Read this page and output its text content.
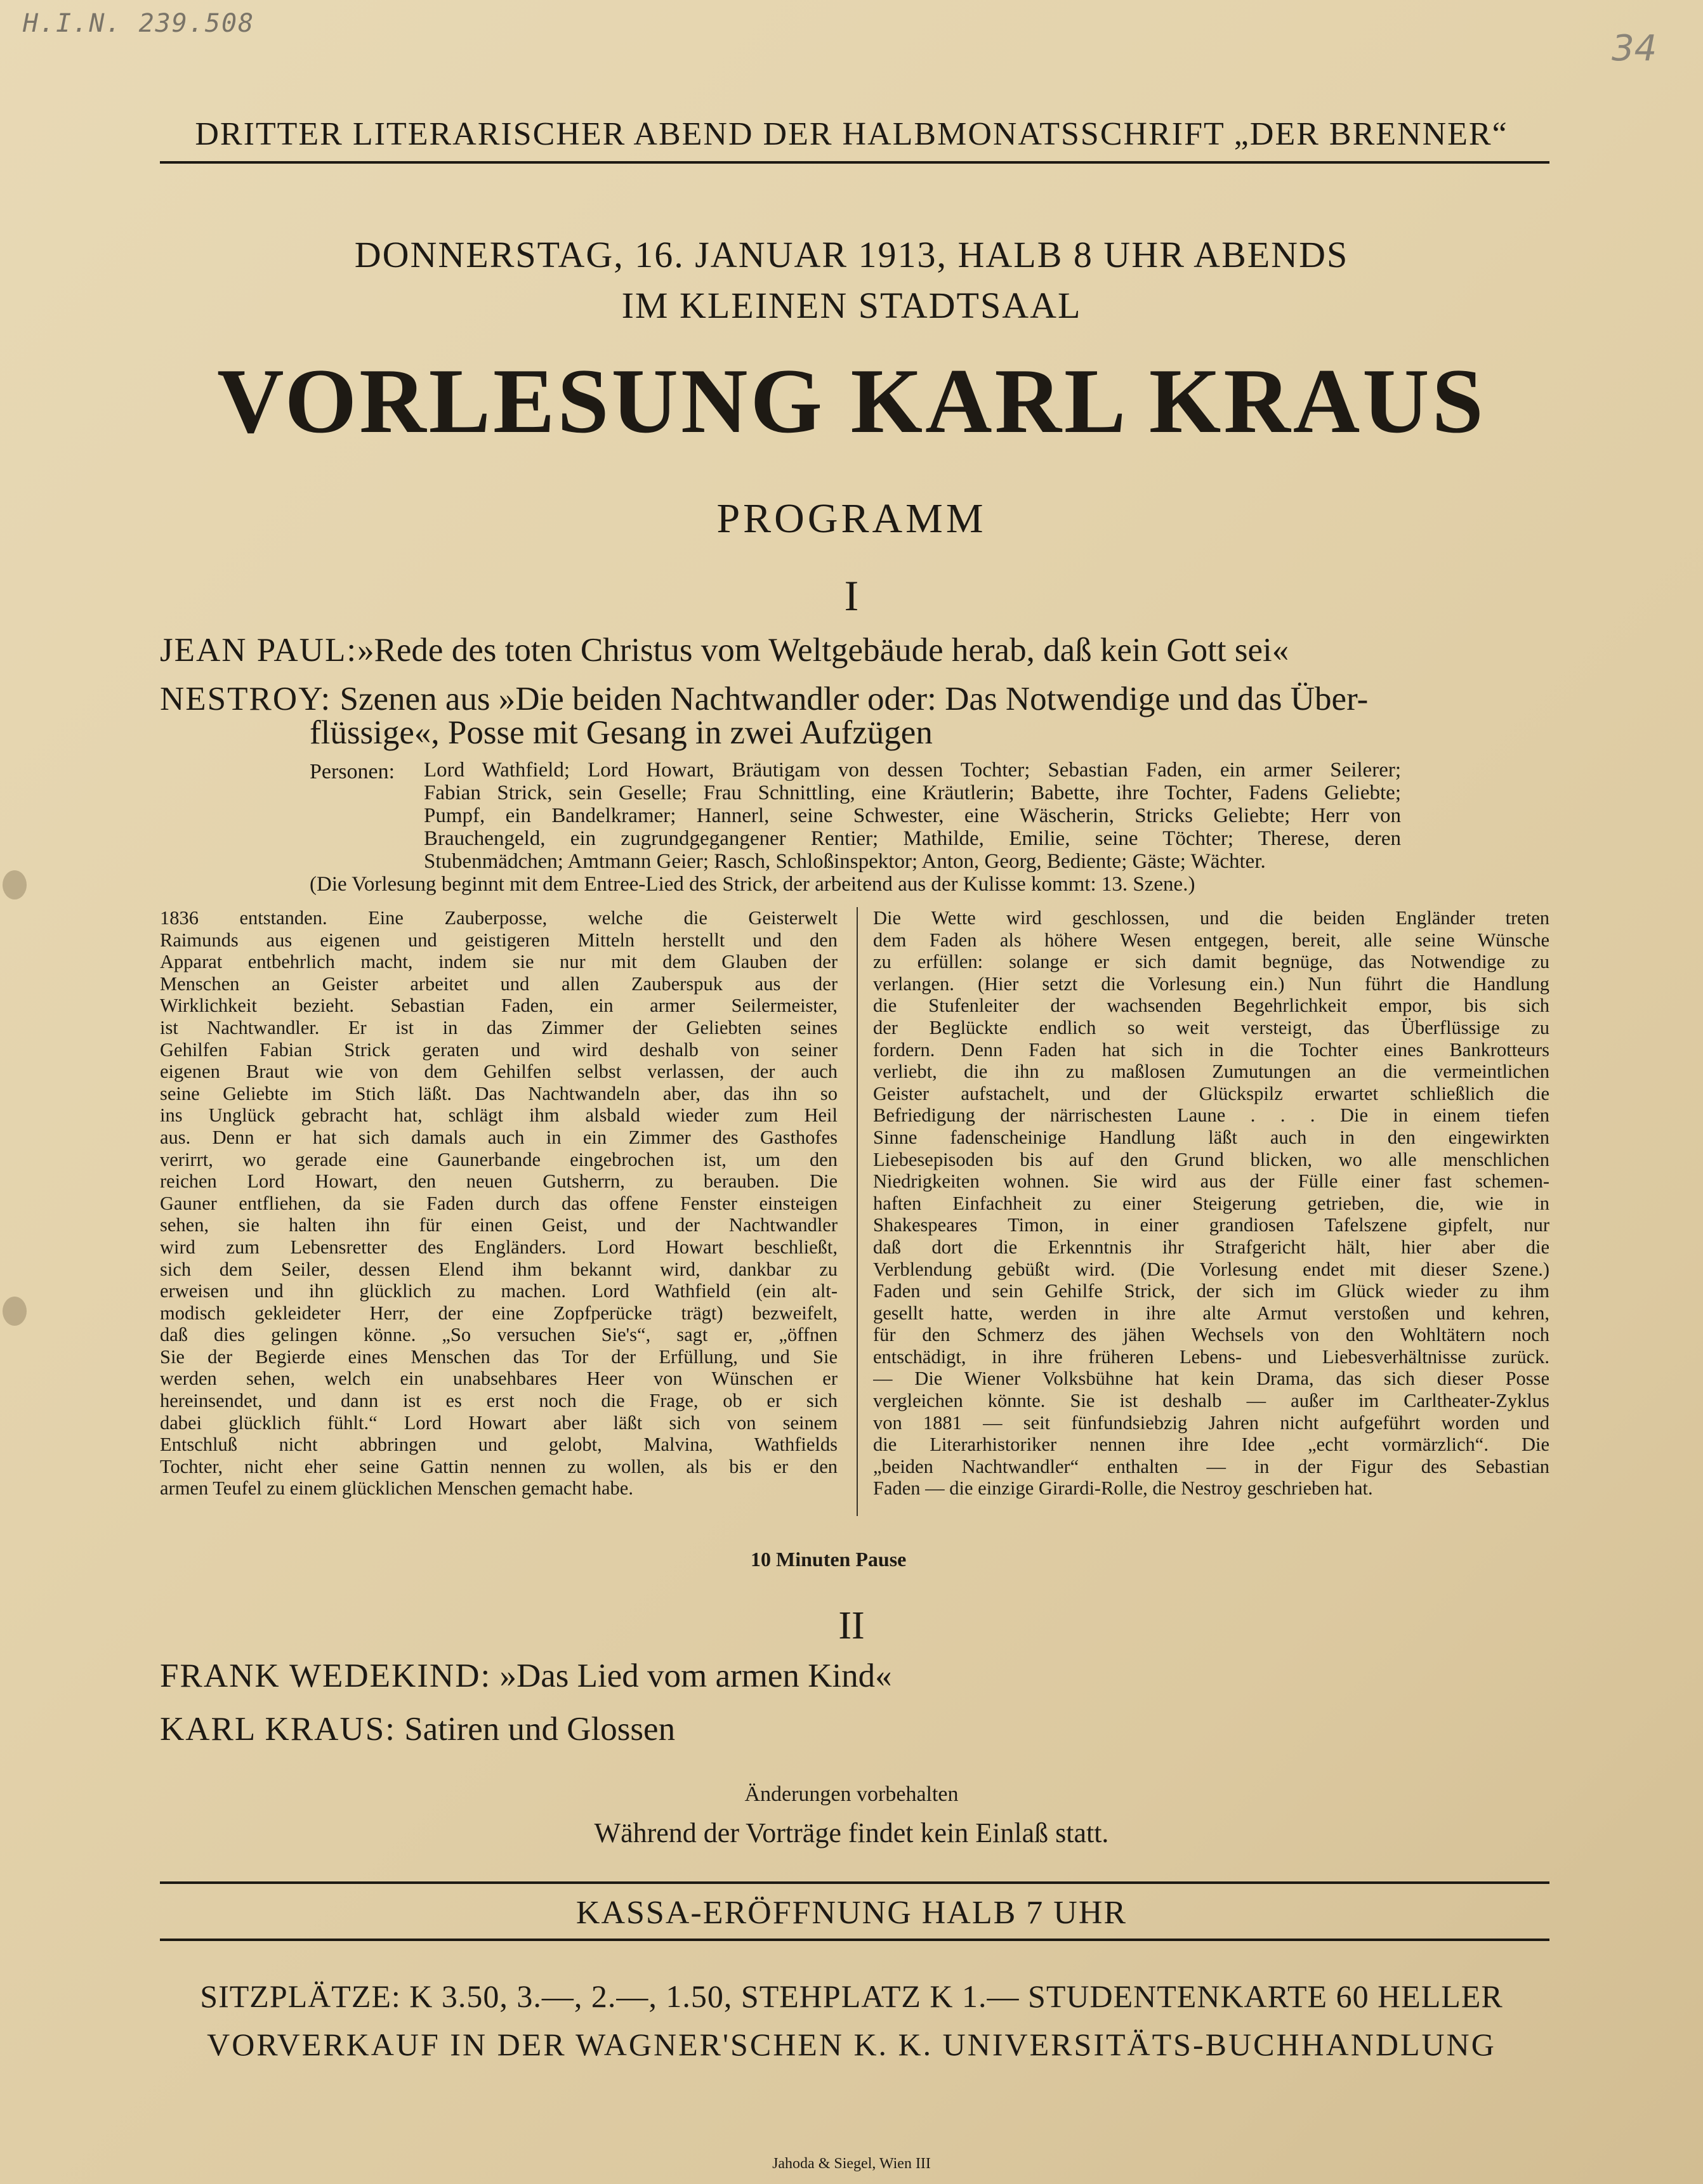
H.I.N. 239.508
34
DRITTER LITERARISCHER ABEND DER HALBMONATSSCHRIFT „DER BRENNER“
DONNERSTAG, 16. JANUAR 1913, HALB 8 UHR ABENDS
IM KLEINEN STADTSAAL
VORLESUNG KARL KRAUS
PROGRAMM
I
JEAN PAUL:»Rede des toten Christus vom Weltgebäude herab, daß kein Gott sei«
NESTROY: Szenen aus »Die beiden Nachtwandler oder: Das Notwendige und das Über-
flüssige«, Posse mit Gesang in zwei Aufzügen
Personen: Lord Wathfield; Lord Howart, Bräutigam von dessen Tochter; Sebastian Faden, ein armer Seilerer;
Fabian Strick, sein Geselle; Frau Schnittling, eine Kräutlerin; Babette, ihre Tochter, Fadens Geliebte;
Pumpf, ein Bandelkramer; Hannerl, seine Schwester, eine Wäscherin, Stricks Geliebte; Herr von
Brauchengeld, ein zugrundgegangener Rentier; Mathilde, Emilie, seine Töchter; Therese, deren
Stubenmädchen; Amtmann Geier; Rasch, Schloßinspektor; Anton, Georg, Bediente; Gäste; Wächter.
(Die Vorlesung beginnt mit dem Entree-Lied des Strick, der arbeitend aus der Kulisse kommt: 13. Szene.)
1836 entstanden. Eine Zauberposse, welche die Geisterwelt
Raimunds aus eigenen und geistigeren Mitteln herstellt und den
Apparat entbehrlich macht, indem sie nur mit dem Glauben der
Menschen an Geister arbeitet und allen Zauberspuk aus der
Wirklichkeit bezieht. Sebastian Faden, ein armer Seilermeister,
ist Nachtwandler. Er ist in das Zimmer der Geliebten seines
Gehilfen Fabian Strick geraten und wird deshalb von seiner
eigenen Braut wie von dem Gehilfen selbst verlassen, der auch
seine Geliebte im Stich läßt. Das Nachtwandeln aber, das ihn so
ins Unglück gebracht hat, schlägt ihm alsbald wieder zum Heil
aus. Denn er hat sich damals auch in ein Zimmer des Gasthofes
verirrt, wo gerade eine Gaunerbande eingebrochen ist, um den
reichen Lord Howart, den neuen Gutsherrn, zu berauben. Die
Gauner entfliehen, da sie Faden durch das offene Fenster einsteigen
sehen, sie halten ihn für einen Geist, und der Nachtwandler
wird zum Lebensretter des Engländers. Lord Howart beschließt,
sich dem Seiler, dessen Elend ihm bekannt wird, dankbar zu
erweisen und ihn glücklich zu machen. Lord Wathfield (ein alt-
modisch gekleideter Herr, der eine Zopfperücke trägt) bezweifelt,
daß dies gelingen könne. „So versuchen Sie's“, sagt er, „öffnen
Sie der Begierde eines Menschen das Tor der Erfüllung, und Sie
werden sehen, welch ein unabsehbares Heer von Wünschen er
hereinsendet, und dann ist es erst noch die Frage, ob er sich
dabei glücklich fühlt.“ Lord Howart aber läßt sich von seinem
Entschluß nicht abbringen und gelobt, Malvina, Wathfields
Tochter, nicht eher seine Gattin nennen zu wollen, als bis er den
armen Teufel zu einem glücklichen Menschen gemacht habe.
Die Wette wird geschlossen, und die beiden Engländer treten
dem Faden als höhere Wesen entgegen, bereit, alle seine Wünsche
zu erfüllen: solange er sich damit begnüge, das Notwendige zu
verlangen. (Hier setzt die Vorlesung ein.) Nun führt die Handlung
die Stufenleiter der wachsenden Begehrlichkeit empor, bis sich
der Beglückte endlich so weit versteigt, das Überflüssige zu
fordern. Denn Faden hat sich in die Tochter eines Bankrotteurs
verliebt, die ihn zu maßlosen Zumutungen an die vermeintlichen
Geister aufstachelt, und der Glückspilz erwartet schließlich die
Befriedigung der närrischesten Laune . . . Die in einem tiefen
Sinne fadenscheinige Handlung läßt auch in den eingewirkten
Liebesepisoden bis auf den Grund blicken, wo alle menschlichen
Niedrigkeiten wohnen. Sie wird aus der Fülle einer fast schemen-
haften Einfachheit zu einer Steigerung getrieben, die, wie in
Shakespeares Timon, in einer grandiosen Tafelszene gipfelt, nur
daß dort die Erkenntnis ihr Strafgericht hält, hier aber die
Verblendung gebüßt wird. (Die Vorlesung endet mit dieser Szene.)
Faden und sein Gehilfe Strick, der sich im Glück wieder zu ihm
gesellt hatte, werden in ihre alte Armut verstoßen und kehren,
für den Schmerz des jähen Wechsels von den Wohltätern noch
entschädigt, in ihre früheren Lebens- und Liebesverhältnisse zurück.
— Die Wiener Volksbühne hat kein Drama, das sich dieser Posse
vergleichen könnte. Sie ist deshalb — außer im Carltheater-Zyklus
von 1881 — seit fünfundsiebzig Jahren nicht aufgeführt worden und
die Literarhistoriker nennen ihre Idee „echt vormärzlich“. Die
„beiden Nachtwandler“ enthalten — in der Figur des Sebastian
Faden — die einzige Girardi-Rolle, die Nestroy geschrieben hat.
10 Minuten Pause
II
FRANK WEDEKIND: »Das Lied vom armen Kind«
KARL KRAUS: Satiren und Glossen
Änderungen vorbehalten
Während der Vorträge findet kein Einlaß statt.
KASSA-ERÖFFNUNG HALB 7 UHR
SITZPLÄTZE: K 3.50, 3.—, 2.—, 1.50, STEHPLATZ K 1.— STUDENTENKARTE 60 HELLER
VORVERKAUF IN DER WAGNER'SCHEN K. K. UNIVERSITÄTS-BUCHHANDLUNG
Jahoda & Siegel, Wien III
